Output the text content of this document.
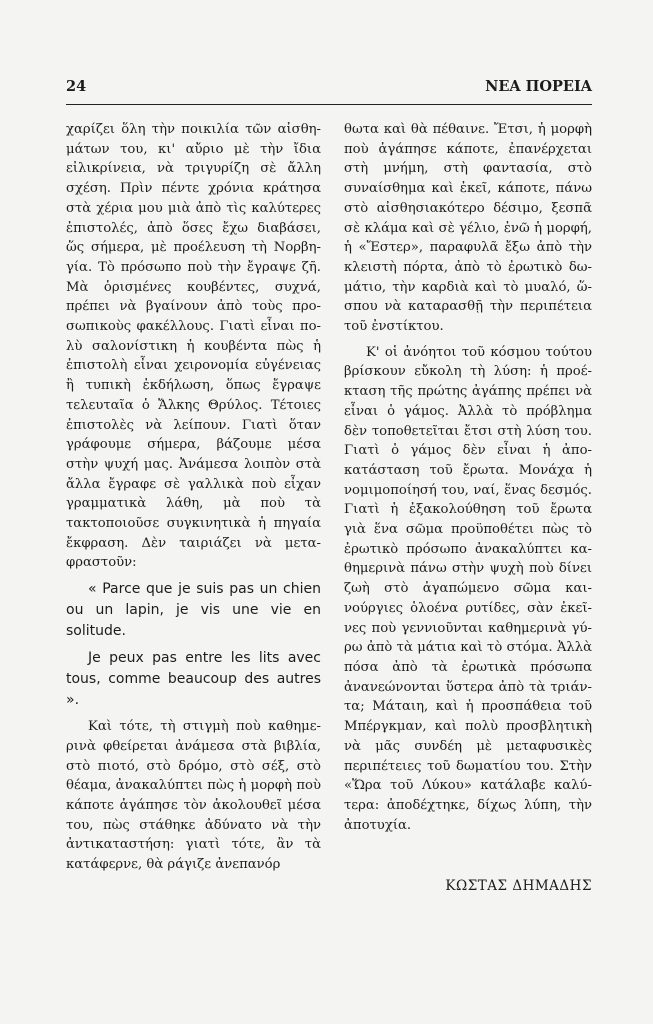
24	ΝΕΑ ΠΟΡΕΙΑ

χαρίζει ὅλη τὴν ποικιλία τῶν αἰσθημάτων του, κι' αὔριο μὲ τὴν ἴδια εἰλικρίνεια, νὰ τριγυρίζη σὲ ἄλλη σχέση. Πρὶν πέντε χρόνια κράτησα στὰ χέρια μου μιὰ ἀπὸ τὶς καλύτερες ἐπιστολές, ἀπὸ ὅσες ἔχω διαβάσει, ὥς σήμερα, μὲ προέλευση τὴ Νορβηγία. Τὸ πρόσωπο ποὺ τὴν ἔγραψε ζῆ. Μὰ ὁρισμένες κουβέντες, συχνά, πρέπει νὰ βγαίνουν ἀπὸ τοὺς προσωπικοὺς φακέλλους. Γιατὶ εἶναι πολὺ σαλονίστικη ἡ κουβέντα πὼς ἡ ἐπιστολὴ εἶναι χειρονομία εὐγένειας ἢ τυπικὴ ἐκδήλωση, ὅπως ἔγραψε τελευταῖα ὁ Ἄλκης Θρύλος. Τέτοιες ἐπιστολὲς νὰ λείπουν. Γιατὶ ὅταν γράφουμε σήμερα, βάζουμε μέσα στὴν ψυχή μας. Ἀνάμεσα λοιπὸν στὰ ἄλλα ἔγραφε σὲ γαλλικὰ ποὺ εἶχαν γραμματικὰ λάθη, μὰ ποὺ τὰ τακτοποιοῦσε συγκινητικὰ ἡ πηγαία ἔκφραση. Δὲν ταιριάζει νὰ μεταφραστοῦν:

« Parce que je suis pas un chien ou un lapin, je vis une vie en solitude.

Je peux pas entre les lits avec tous, comme beaucoup des autres ».

Καὶ τότε, τὴ στιγμὴ ποὺ καθημερινὰ φθείρεται ἀνάμεσα στὰ βιβλία, στὸ πιοτό, στὸ δρόμο, στὸ σέξ, στὸ θέαμα, ἀνακαλύπτει πὼς ἡ μορφὴ ποὺ κάποτε ἀγάπησε τὸν ἀκολουθεῖ μέσα του, πὼς στάθηκε ἀδύνατο νὰ τὴν ἀντικαταστήση: γιατὶ τότε, ἂν τὰ κατάφερνε, θὰ ράγιζε ἀνεπανόρ

θωτα καὶ θὰ πέθαινε. Ἔτσι, ἡ μορφὴ ποὺ ἀγάπησε κάποτε, ἐπανέρχεται στὴ μνήμη, στὴ φαντασία, στὸ συναίσθημα καὶ ἐκεῖ, κάποτε, πάνω στὸ αἰσθησιακότερο δέσιμο, ξεσπᾶ σὲ κλάμα καὶ σὲ γέλιο, ἐνῶ ἡ μορφή, ἡ «Ἔστερ», παραφυλᾶ ἔξω ἀπὸ τὴν κλειστὴ πόρτα, ἀπὸ τὸ ἐρωτικὸ δωμάτιο, τὴν καρδιὰ καὶ τὸ μυαλό, ὥσπου νὰ καταρασθῇ τὴν περιπέτεια τοῦ ἐνστίκτου.

Κ' οἱ ἀνόητοι τοῦ κόσμου τούτου βρίσκουν εὔκολη τὴ λύση: ἡ προέκταση τῆς πρώτης ἀγάπης πρέπει νὰ εἶναι ὁ γάμος. Ἀλλὰ τὸ πρόβλημα δὲν τοποθετεῖται ἔτσι στὴ λύση του. Γιατὶ ὁ γάμος δὲν εἶναι ἡ ἀποκατάσταση τοῦ ἔρωτα. Μονάχα ἡ νομιμοποίησή του, ναί, ἕνας δεσμός. Γιατὶ ἡ ἐξακολούθηση τοῦ ἔρωτα γιὰ ἕνα σῶμα προϋποθέτει πὼς τὸ ἐρωτικὸ πρόσωπο ἀνακαλύπτει καθημερινὰ πάνω στὴν ψυχὴ ποὺ δίνει ζωὴ στὸ ἀγαπώμενο σῶμα καινούργιες ὁλοένα ρυτίδες, σὰν ἐκεῖνες ποὺ γεννιοῦνται καθημερινὰ γύρω ἀπὸ τὰ μάτια καὶ τὸ στόμα. Ἀλλὰ πόσα ἀπὸ τὰ ἐρωτικὰ πρόσωπα ἀνανεώνονται ὕστερα ἀπὸ τὰ τριάντα; Μάταιη, καὶ ἡ προσπάθεια τοῦ Μπέργκμαν, καὶ πολὺ προσβλητικὴ νὰ μᾶς συνδέη μὲ μεταφυσικὲς περιπέτειες τοῦ δωματίου του. Στὴν «Ὥρα τοῦ Λύκου» κατάλαβε καλύτερα: ἀποδέχτηκε, δίχως λύπη, τὴν ἀποτυχία.

ΚΩΣΤΑΣ ΔΗΜΑΔΗΣ
